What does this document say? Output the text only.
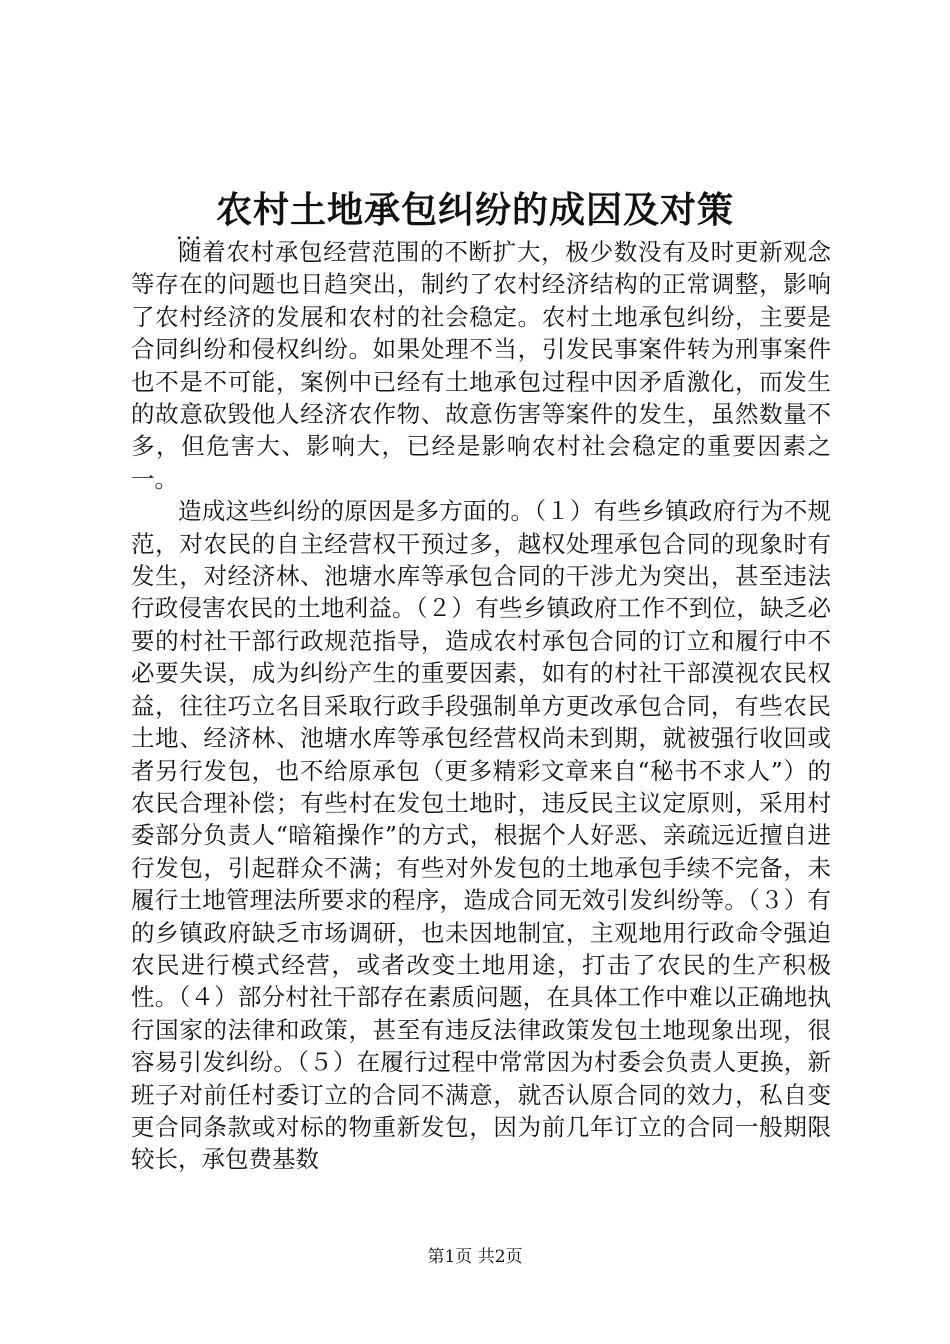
农村土地承包纠纷的成因及对策

...

随着农村承包经营范围的不断扩大，极少数没有及时更新观念等存在的问题也日趋突出，制约了农村经济结构的正常调整，影响了农村经济的发展和农村的社会稳定。农村土地承包纠纷，主要是合同纠纷和侵权纠纷。如果处理不当，引发民事案件转为刑事案件也不是不可能，案例中已经有土地承包过程中因矛盾激化，而发生的故意砍毁他人经济农作物、故意伤害等案件的发生，虽然数量不多，但危害大、影响大，已经是影响农村社会稳定的重要因素之一。

造成这些纠纷的原因是多方面的。（１）有些乡镇政府行为不规范，对农民的自主经营权干预过多，越权处理承包合同的现象时有发生，对经济林、池塘水库等承包合同的干涉尤为突出，甚至违法行政侵害农民的土地利益。（２）有些乡镇政府工作不到位，缺乏必要的村社干部行政规范指导，造成农村承包合同的订立和履行中不必要失误，成为纠纷产生的重要因素，如有的村社干部漠视农民权益，往往巧立名目采取行政手段强制单方更改承包合同，有些农民土地、经济林、池塘水库等承包经营权尚未到期，就被强行收回或者另行发包，也不给原承包（更多精彩文章来自“秘书不求人”）的农民合理补偿；有些村在发包土地时，违反民主议定原则，采用村委部分负责人“暗箱操作”的方式，根据个人好恶、亲疏远近擅自进行发包，引起群众不满；有些对外发包的土地承包手续不完备，未履行土地管理法所要求的程序，造成合同无效引发纠纷等。（３）有的乡镇政府缺乏市场调研，也未因地制宜，主观地用行政命令强迫农民进行模式经营，或者改变土地用途，打击了农民的生产积极性。（４）部分村社干部存在素质问题，在具体工作中难以正确地执行国家的法律和政策，甚至有违反法律政策发包土地现象出现，很容易引发纠纷。（５）在履行过程中常常因为村委会负责人更换，新班子对前任村委订立的合同不满意，就否认原合同的效力，私自变更合同条款或对标的物重新发包，因为前几年订立的合同一般期限较长，承包费基数

第1页 共2页
